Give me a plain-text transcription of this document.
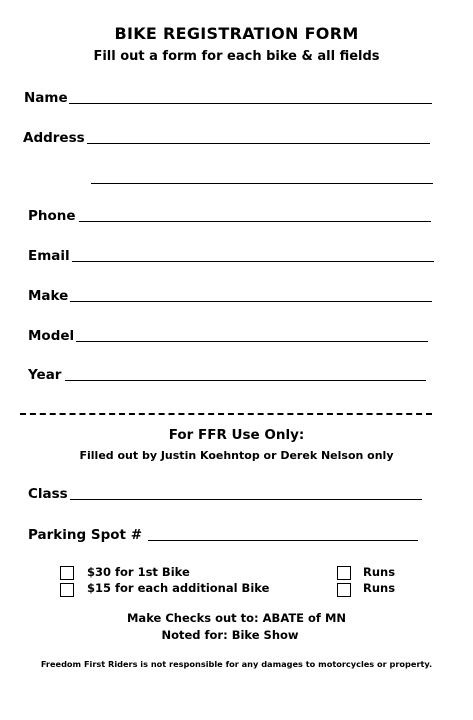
BIKE REGISTRATION FORM
Fill out a form for each bike & all fields
Name
Address
Phone
Email
Make
Model
Year
For FFR Use Only:
Filled out by Justin Koehntop or Derek Nelson only
Class
Parking Spot #
$30 for 1st Bike
$15 for each additional Bike
Runs
Runs
Make Checks out to: ABATE of MN
Noted for: Bike Show
Freedom First Riders is not responsible for any damages to motorcycles or property.
